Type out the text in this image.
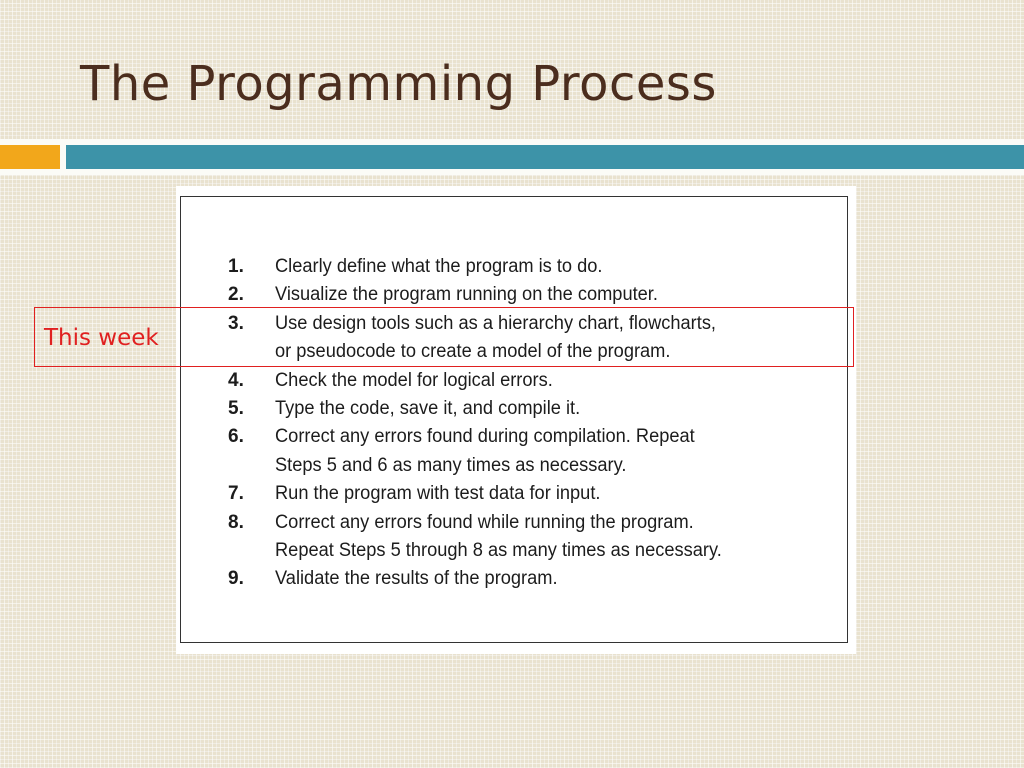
The Programming Process
1.	Clearly define what the program is to do.
2.	Visualize the program running on the computer.
3.	Use design tools such as a hierarchy chart, flowcharts,
or pseudocode to create a model of the program.
4.	Check the model for logical errors.
5.	Type the code, save it, and compile it.
6.	Correct any errors found during compilation. Repeat
Steps 5 and 6 as many times as necessary.
7.	Run the program with test data for input.
8.	Correct any errors found while running the program.
Repeat Steps 5 through 8 as many times as necessary.
9.	Validate the results of the program.
This week
